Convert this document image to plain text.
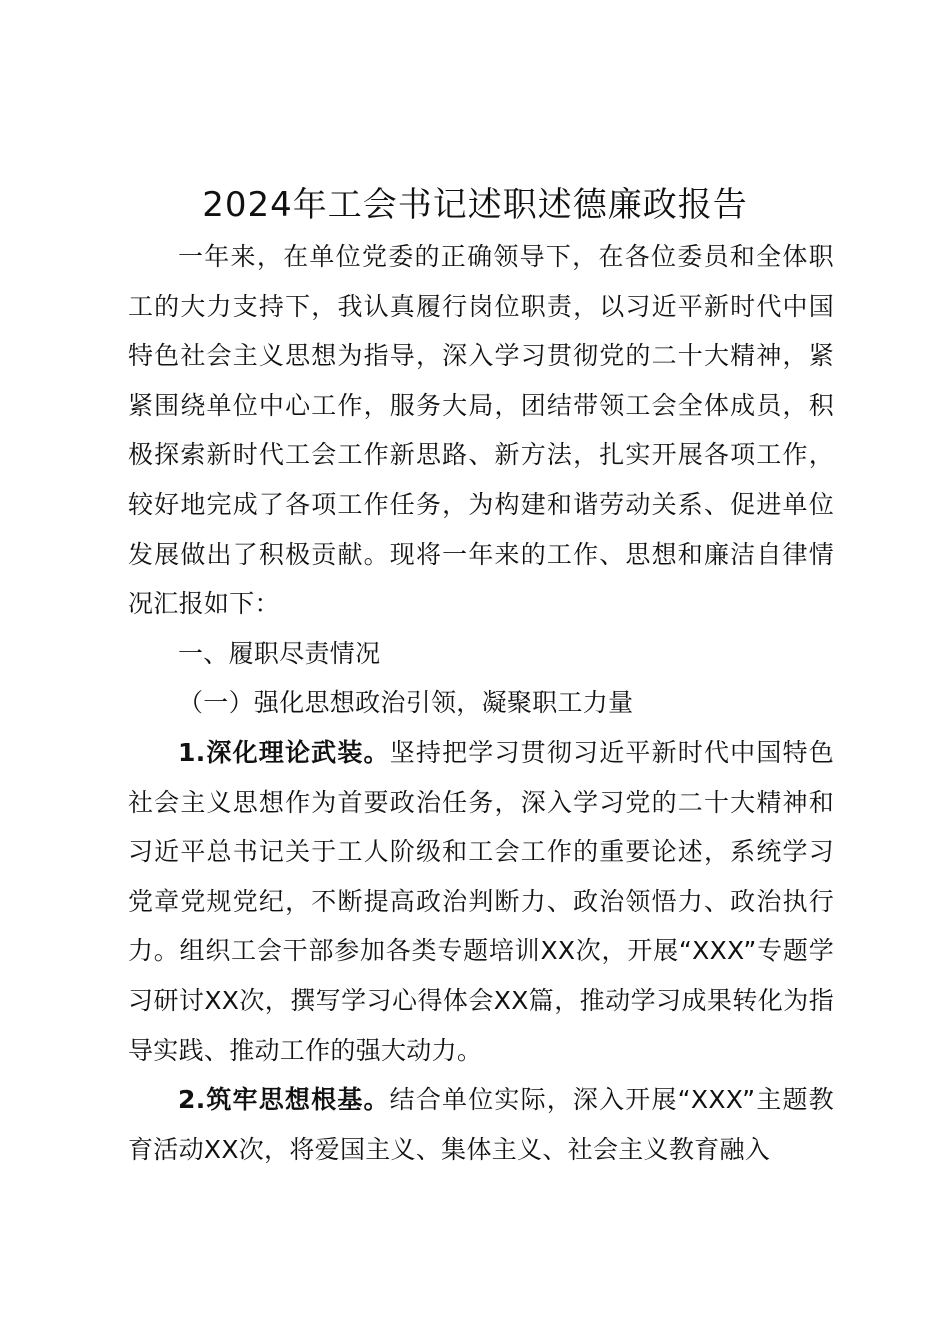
2024年工会书记述职述德廉政报告

一年来，在单位党委的正确领导下，在各位委员和全体职工的大力支持下，我认真履行岗位职责，以习近平新时代中国特色社会主义思想为指导，深入学习贯彻党的二十大精神，紧紧围绕单位中心工作，服务大局，团结带领工会全体成员，积极探索新时代工会工作新思路、新方法，扎实开展各项工作，较好地完成了各项工作任务，为构建和谐劳动关系、促进单位发展做出了积极贡献。现将一年来的工作、思想和廉洁自律情况汇报如下：

一、履职尽责情况

（一）强化思想政治引领，凝聚职工力量

1.深化理论武装。坚持把学习贯彻习近平新时代中国特色社会主义思想作为首要政治任务，深入学习党的二十大精神和习近平总书记关于工人阶级和工会工作的重要论述，系统学习党章党规党纪，不断提高政治判断力、政治领悟力、政治执行力。组织工会干部参加各类专题培训XX次，开展“XXX”专题学习研讨XX次，撰写学习心得体会XX篇，推动学习成果转化为指导实践、推动工作的强大动力。

2.筑牢思想根基。结合单位实际，深入开展“XXX”主题教育活动XX次，将爱国主义、集体主义、社会主义教育融入
